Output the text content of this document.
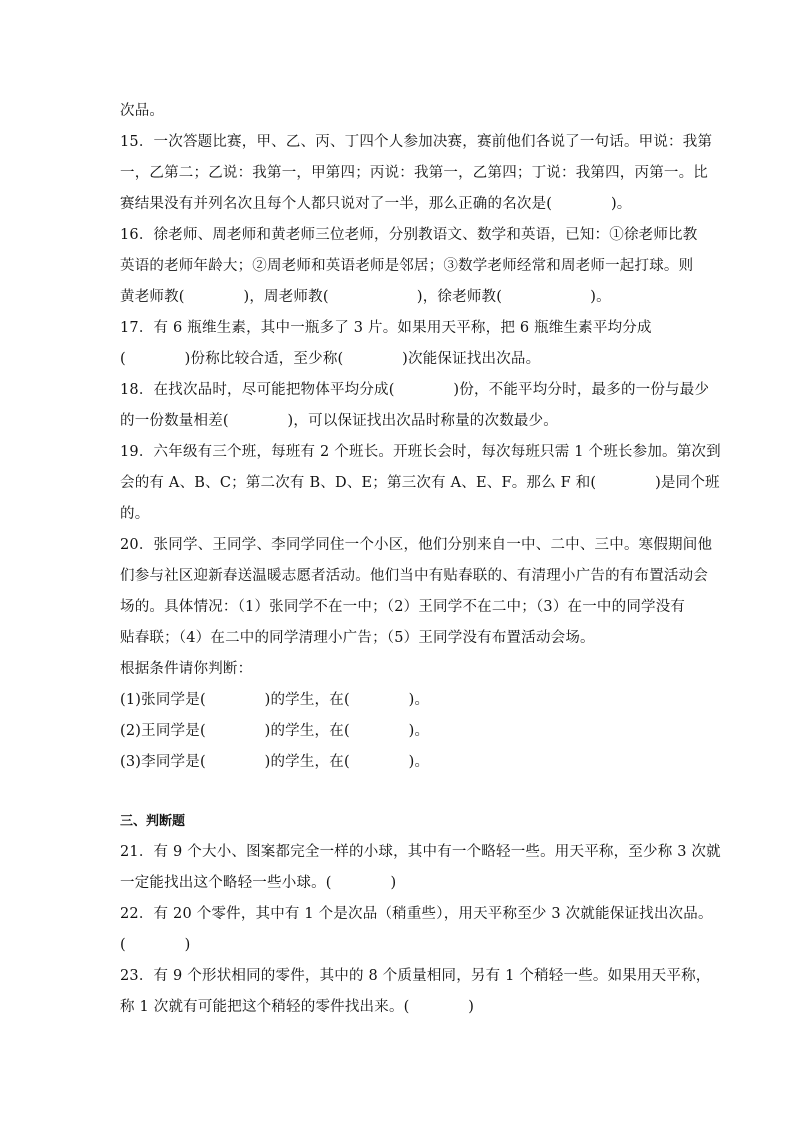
次品。
15．一次答题比赛，甲、乙、丙、丁四个人参加决赛，赛前他们各说了一句话。甲说：我第
一，乙第二；乙说：我第一，甲第四；丙说：我第一，乙第四；丁说：我第四，丙第一。比
赛结果没有并列名次且每个人都只说对了一半，那么正确的名次是(　　　　)。
16．徐老师、周老师和黄老师三位老师，分别教语文、数学和英语，已知：①徐老师比教
英语的老师年龄大；②周老师和英语老师是邻居；③数学老师经常和周老师一起打球。则
黄老师教(　　　　)，周老师教(　　　　　　)，徐老师教(　　　　　　)。
17．有 6 瓶维生素，其中一瓶多了 3 片。如果用天平称，把 6 瓶维生素平均分成
(　　　　)份称比较合适，至少称(　　　　)次能保证找出次品。
18．在找次品时，尽可能把物体平均分成(　　　　)份，不能平均分时，最多的一份与最少
的一份数量相差(　　　　)，可以保证找出次品时称量的次数最少。
19．六年级有三个班，每班有 2 个班长。开班长会时，每次每班只需 1 个班长参加。第次到
会的有 A、B、C；第二次有 B、D、E；第三次有 A、E、F。那么 F 和(　　　　)是同个班
的。
20．张同学、王同学、李同学同住一个小区，他们分别来自一中、二中、三中。寒假期间他
们参与社区迎新春送温暖志愿者活动。他们当中有贴春联的、有清理小广告的有布置活动会
场的。具体情况：（1）张同学不在一中；（2）王同学不在二中；（3）在一中的同学没有
贴春联；（4）在二中的同学清理小广告；（5）王同学没有布置活动会场。
根据条件请你判断：
(1)张同学是(　　　　)的学生，在(　　　　)。
(2)王同学是(　　　　)的学生，在(　　　　)。
(3)李同学是(　　　　)的学生，在(　　　　)。
三、判断题
21．有 9 个大小、图案都完全一样的小球，其中有一个略轻一些。用天平称，至少称 3 次就
一定能找出这个略轻一些小球。(　　　　)
22．有 20 个零件，其中有 1 个是次品（稍重些），用天平称至少 3 次就能保证找出次品。
(　　　　)
23．有 9 个形状相同的零件，其中的 8 个质量相同，另有 1 个稍轻一些。如果用天平称，
称 1 次就有可能把这个稍轻的零件找出来。(　　　　)
